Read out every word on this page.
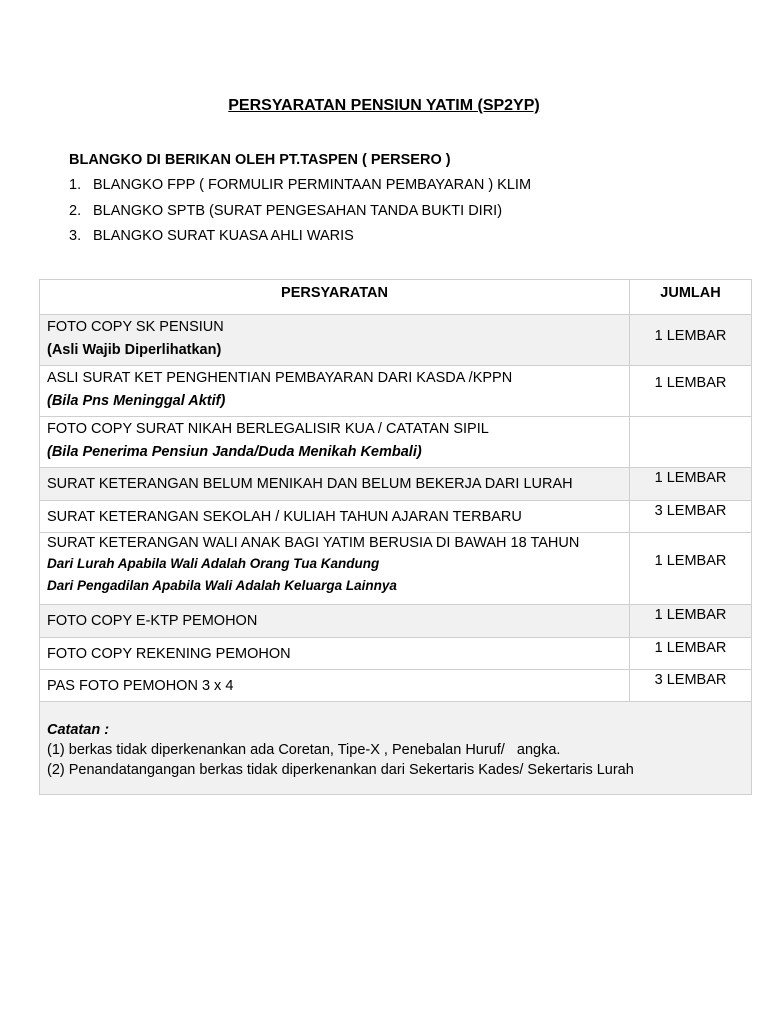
PERSYARATAN PENSIUN YATIM (SP2YP)
BLANGKO DI BERIKAN OLEH PT.TASPEN ( PERSERO )
1. BLANGKO FPP ( FORMULIR PERMINTAAN PEMBAYARAN ) KLIM
2. BLANGKO SPTB (SURAT PENGESAHAN TANDA BUKTI DIRI)
3. BLANGKO SURAT KUASA AHLI WARIS
PERSYARATAN	JUMLAH

FOTO COPY SK PENSIUN
(Asli Wajib Diperlihatkan)	1 LEMBAR

ASLI SURAT KET PENGHENTIAN PEMBAYARAN DARI KASDA /KPPN
(Bila Pns Meninggal Aktif)	1 LEMBAR

FOTO COPY SURAT NIKAH BERLEGALISIR KUA / CATATAN SIPIL
(Bila Penerima Pensiun Janda/Duda Menikah Kembali)	

SURAT KETERANGAN BELUM MENIKAH DAN BELUM BEKERJA DARI LURAH	1 LEMBAR

SURAT KETERANGAN SEKOLAH / KULIAH TAHUN AJARAN TERBARU	3 LEMBAR

SURAT KETERANGAN WALI ANAK BAGI YATIM BERUSIA DI BAWAH 18 TAHUN
Dari Lurah Apabila Wali Adalah Orang Tua Kandung
Dari Pengadilan Apabila Wali Adalah Keluarga Lainnya	1 LEMBAR

FOTO COPY E-KTP PEMOHON	1 LEMBAR

FOTO COPY REKENING PEMOHON	1 LEMBAR

PAS FOTO PEMOHON 3 x 4	3 LEMBAR

Catatan :
(1) berkas tidak diperkenankan ada Coretan, Tipe-X , Penebalan Huruf/   angka.
(2) Penandatangangan berkas tidak diperkenankan dari Sekertaris Kades/ Sekertaris Lurah	
